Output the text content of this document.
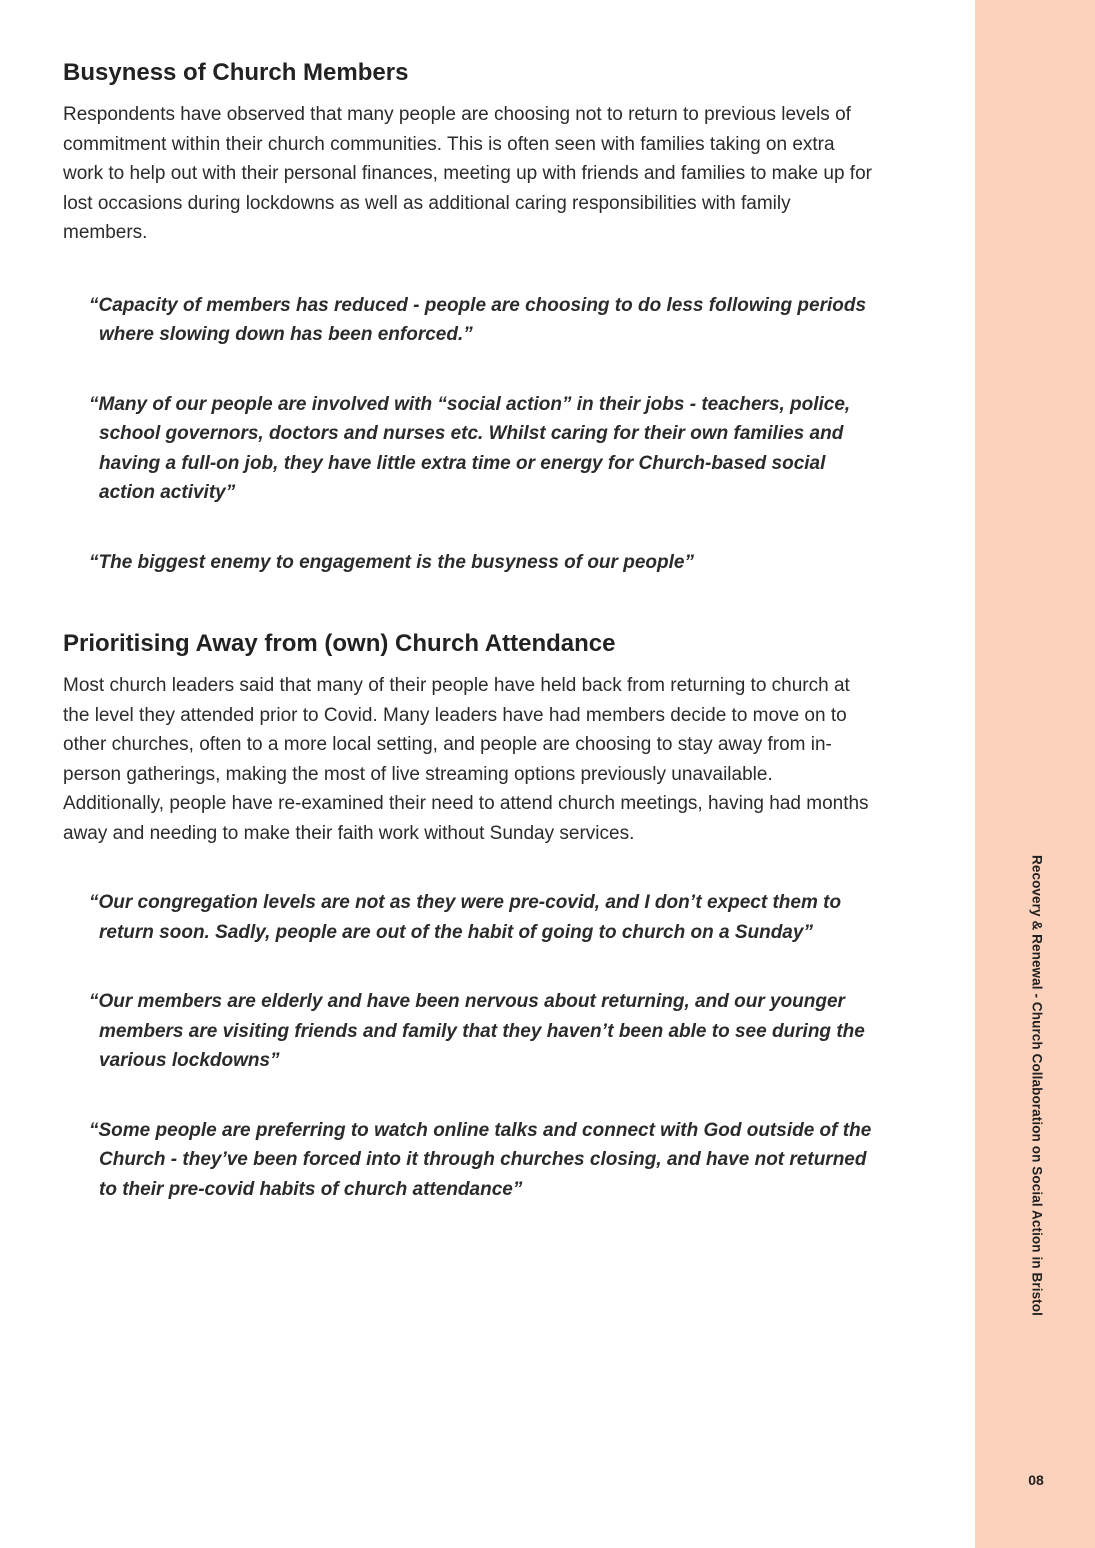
Recovery & Renewal - Church Collaboration on Social Action in Bristol
08
Busyness of Church Members

Respondents have observed that many people are choosing not to return to previous levels of commitment within their church communities. This is often seen with families taking on extra work to help out with their personal finances, meeting up with friends and families to make up for lost occasions during lockdowns as well as additional caring responsibilities with family members.

“Capacity of members has reduced - people are choosing to do less following periods where slowing down has been enforced.”

“Many of our people are involved with “social action” in their jobs - teachers, police, school governors, doctors and nurses etc. Whilst caring for their own families and having a full-on job, they have little extra time or energy for Church-based social action activity”

“The biggest enemy to engagement is the busyness of our people”

Prioritising Away from (own) Church Attendance

Most church leaders said that many of their people have held back from returning to church at the level they attended prior to Covid. Many leaders have had members decide to move on to other churches, often to a more local setting, and people are choosing to stay away from in-person gatherings, making the most of live streaming options previously unavailable. Additionally, people have re-examined their need to attend church meetings, having had months away and needing to make their faith work without Sunday services.

“Our congregation levels are not as they were pre-covid, and I don’t expect them to return soon. Sadly, people are out of the habit of going to church on a Sunday”

“Our members are elderly and have been nervous about returning, and our younger members are visiting friends and family that they haven’t been able to see during the various lockdowns”

“Some people are preferring to watch online talks and connect with God outside of the Church - they’ve been forced into it through churches closing, and have not returned to their pre-covid habits of church attendance”
